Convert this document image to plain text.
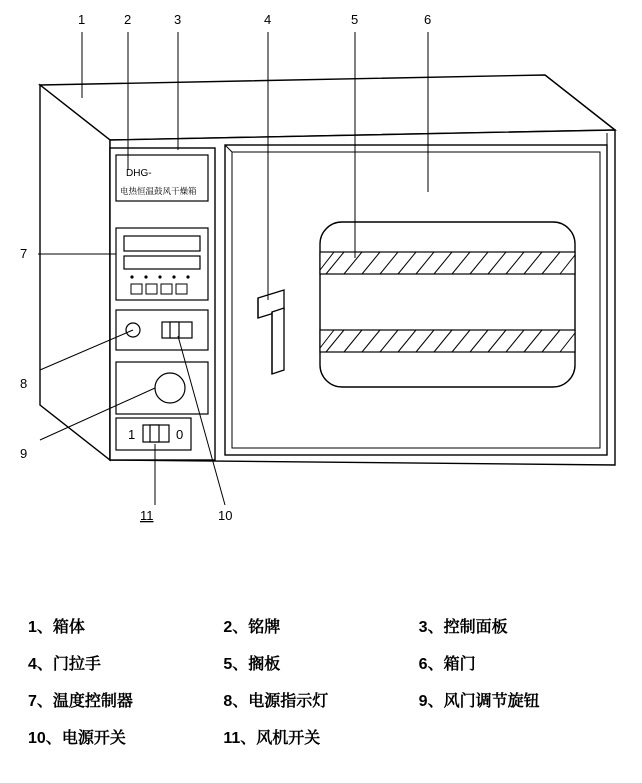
DHG-
电热恒温鼓风干燥箱
1	0
1	2	3	4	5	6
7
8
9
10
11
1、箱体	2、铭牌	3、控制面板
4、门拉手	5、搁板	6、箱门
7、温度控制器	8、电源指示灯	9、风门调节旋钮
10、电源开关	11、风机开关
